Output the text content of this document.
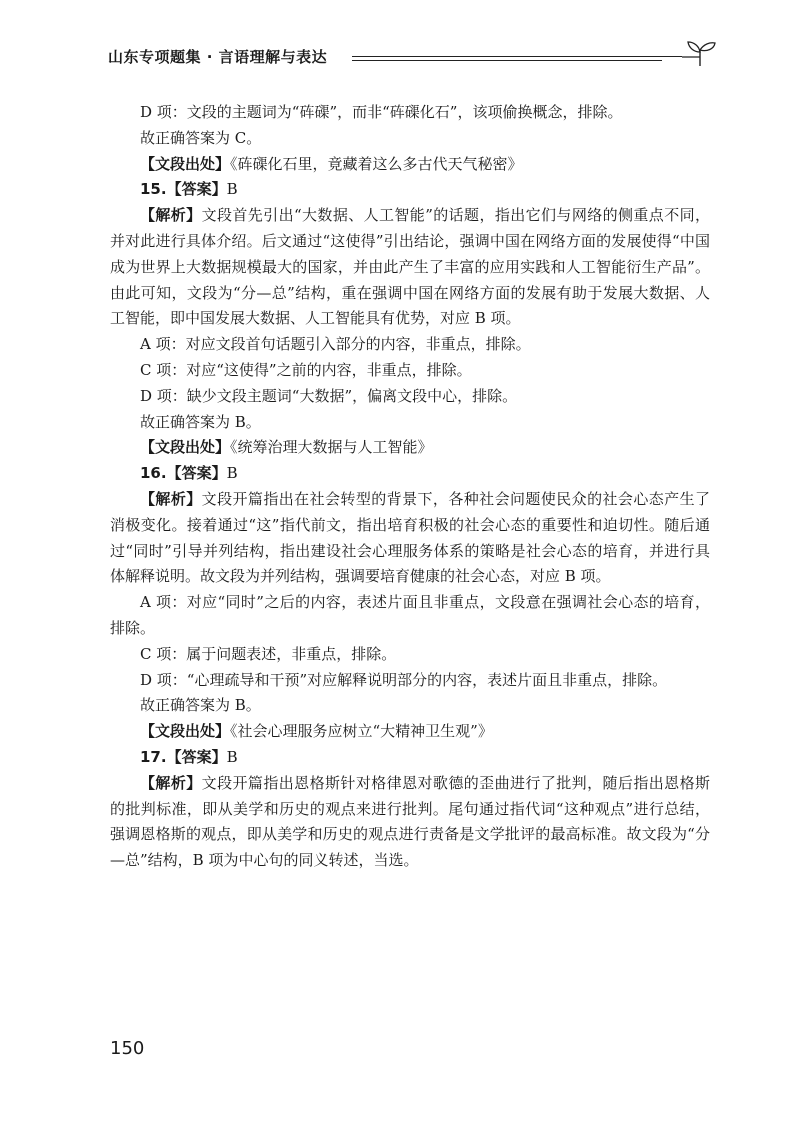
山东专项题集 · 言语理解与表达

D 项：文段的主题词为“砗磲”，而非“砗磲化石”，该项偷换概念，排除。

故正确答案为 C。

【文段出处】《砗磲化石里，竟藏着这么多古代天气秘密》

15.【答案】B

【解析】文段首先引出“大数据、人工智能”的话题，指出它们与网络的侧重点不同，并对此进行具体介绍。后文通过“这使得”引出结论，强调中国在网络方面的发展使得“中国成为世界上大数据规模最大的国家，并由此产生了丰富的应用实践和人工智能衍生产品”。由此可知，文段为“分—总”结构，重在强调中国在网络方面的发展有助于发展大数据、人工智能，即中国发展大数据、人工智能具有优势，对应 B 项。

A 项：对应文段首句话题引入部分的内容，非重点，排除。

C 项：对应“这使得”之前的内容，非重点，排除。

D 项：缺少文段主题词“大数据”，偏离文段中心，排除。

故正确答案为 B。

【文段出处】《统筹治理大数据与人工智能》

16.【答案】B

【解析】文段开篇指出在社会转型的背景下，各种社会问题使民众的社会心态产生了消极变化。接着通过“这”指代前文，指出培育积极的社会心态的重要性和迫切性。随后通过“同时”引导并列结构，指出建设社会心理服务体系的策略是社会心态的培育，并进行具体解释说明。故文段为并列结构，强调要培育健康的社会心态，对应 B 项。

A 项：对应“同时”之后的内容，表述片面且非重点，文段意在强调社会心态的培育，排除。

C 项：属于问题表述，非重点，排除。

D 项：“心理疏导和干预”对应解释说明部分的内容，表述片面且非重点，排除。

故正确答案为 B。

【文段出处】《社会心理服务应树立“大精神卫生观”》

17.【答案】B

【解析】文段开篇指出恩格斯针对格律恩对歌德的歪曲进行了批判，随后指出恩格斯的批判标准，即从美学和历史的观点来进行批判。尾句通过指代词“这种观点”进行总结，强调恩格斯的观点，即从美学和历史的观点进行责备是文学批评的最高标准。故文段为“分—总”结构，B 项为中心句的同义转述，当选。

150
